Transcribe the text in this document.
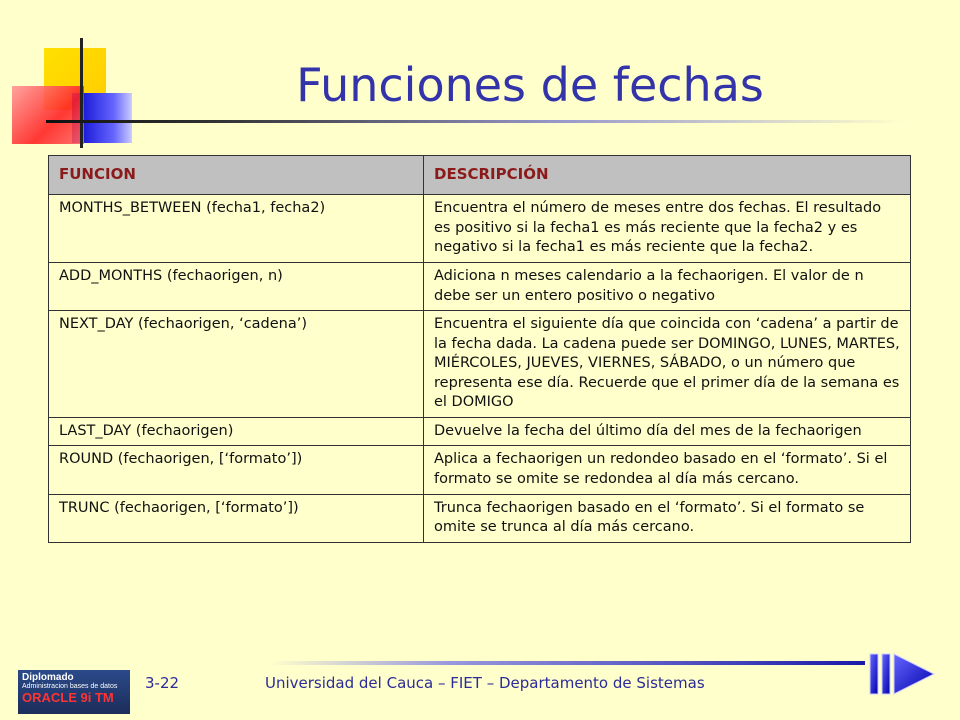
Funciones de fechas
FUNCION	DESCRIPCIÓN
MONTHS_BETWEEN (fecha1, fecha2)	Encuentra el número de meses entre dos fechas. El resultado es positivo si la fecha1 es más reciente que la fecha2 y es negativo si la fecha1 es más reciente que la fecha2.
ADD_MONTHS (fechaorigen, n)	Adiciona n meses calendario a la fechaorigen. El valor de n debe ser un entero positivo o negativo
NEXT_DAY (fechaorigen, ‘cadena’)	Encuentra el siguiente día que coincida con ‘cadena’ a partir de la fecha dada. La cadena puede ser DOMINGO, LUNES, MARTES, MIÉRCOLES, JUEVES, VIERNES, SÁBADO, o un número que representa ese día. Recuerde que el primer día de la semana es el DOMIGO
LAST_DAY (fechaorigen)	Devuelve la fecha del último día del mes de la fechaorigen
ROUND (fechaorigen, [‘formato’])	Aplica a fechaorigen un redondeo basado en el ‘formato’. Si el formato se omite se redondea al día más cercano.
TRUNC (fechaorigen, [‘formato’])	Trunca fechaorigen basado en el ‘formato’. Si el formato se omite se trunca al día más cercano.
Diplomado
Administracion bases de datos
ORACLE 9i TM
3-22	Universidad del Cauca – FIET – Departamento de Sistemas
